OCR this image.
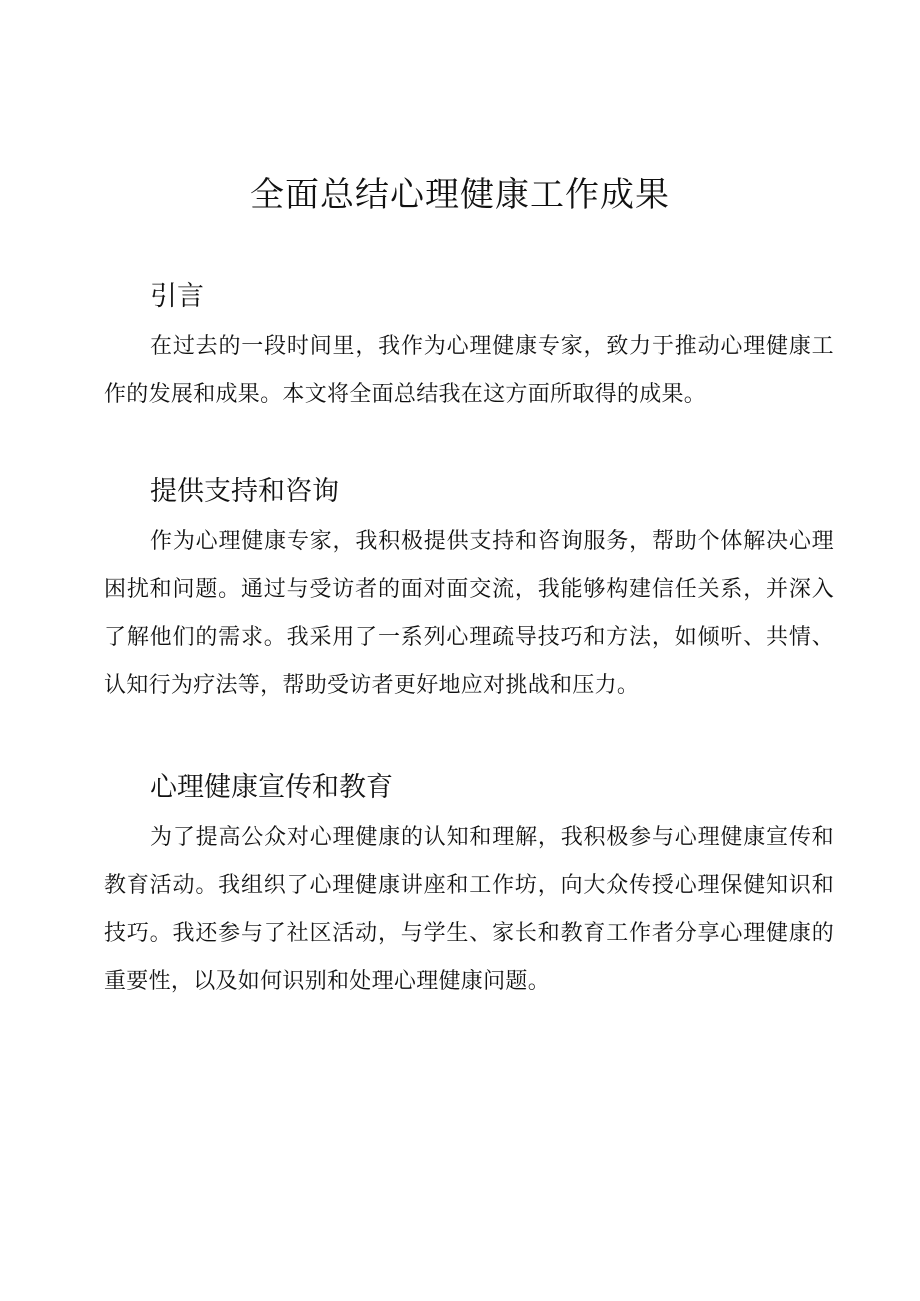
全面总结心理健康工作成果
引言

在过去的一段时间里，我作为心理健康专家，致力于推动心理健康工作的发展和成果。本文将全面总结我在这方面所取得的成果。

提供支持和咨询

作为心理健康专家，我积极提供支持和咨询服务，帮助个体解决心理困扰和问题。通过与受访者的面对面交流，我能够构建信任关系，并深入了解他们的需求。我采用了一系列心理疏导技巧和方法，如倾听、共情、认知行为疗法等，帮助受访者更好地应对挑战和压力。

心理健康宣传和教育

为了提高公众对心理健康的认知和理解，我积极参与心理健康宣传和教育活动。我组织了心理健康讲座和工作坊，向大众传授心理保健知识和技巧。我还参与了社区活动，与学生、家长和教育工作者分享心理健康的重要性，以及如何识别和处理心理健康问题。
